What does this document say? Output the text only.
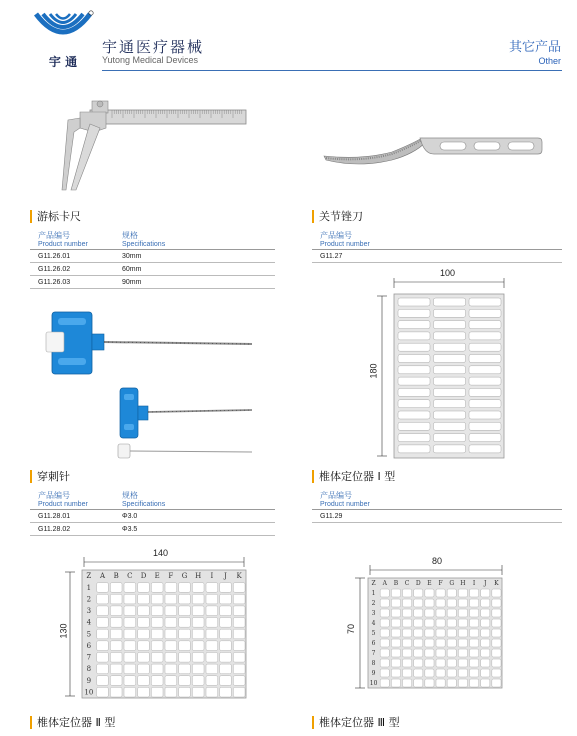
宇 通
宇通医疗器械
Yutong Medical Devices
其它产品
Other
游标卡尺
产品编号
Product number
规格
Specifications
G11.26.01	30mm
G11.26.02	60mm
G11.26.03	90mm
关节锉刀
产品编号
Product number
G11.27
100
180
穿刺针
产品编号
Product number
规格
Specifications
G11.28.01	Φ3.0
G11.28.02	Φ3.5
椎体定位器 Ⅰ 型
产品编号
Product number
G11.29
140
Z A B C D E F G H I J K
1
2
3
4
5
6
7
8
9
10
130
80
Z A B C D E F G H I J K
1
2
3
4
5
6
7
8
9
10
70
椎体定位器 Ⅱ 型	椎体定位器 Ⅲ 型
